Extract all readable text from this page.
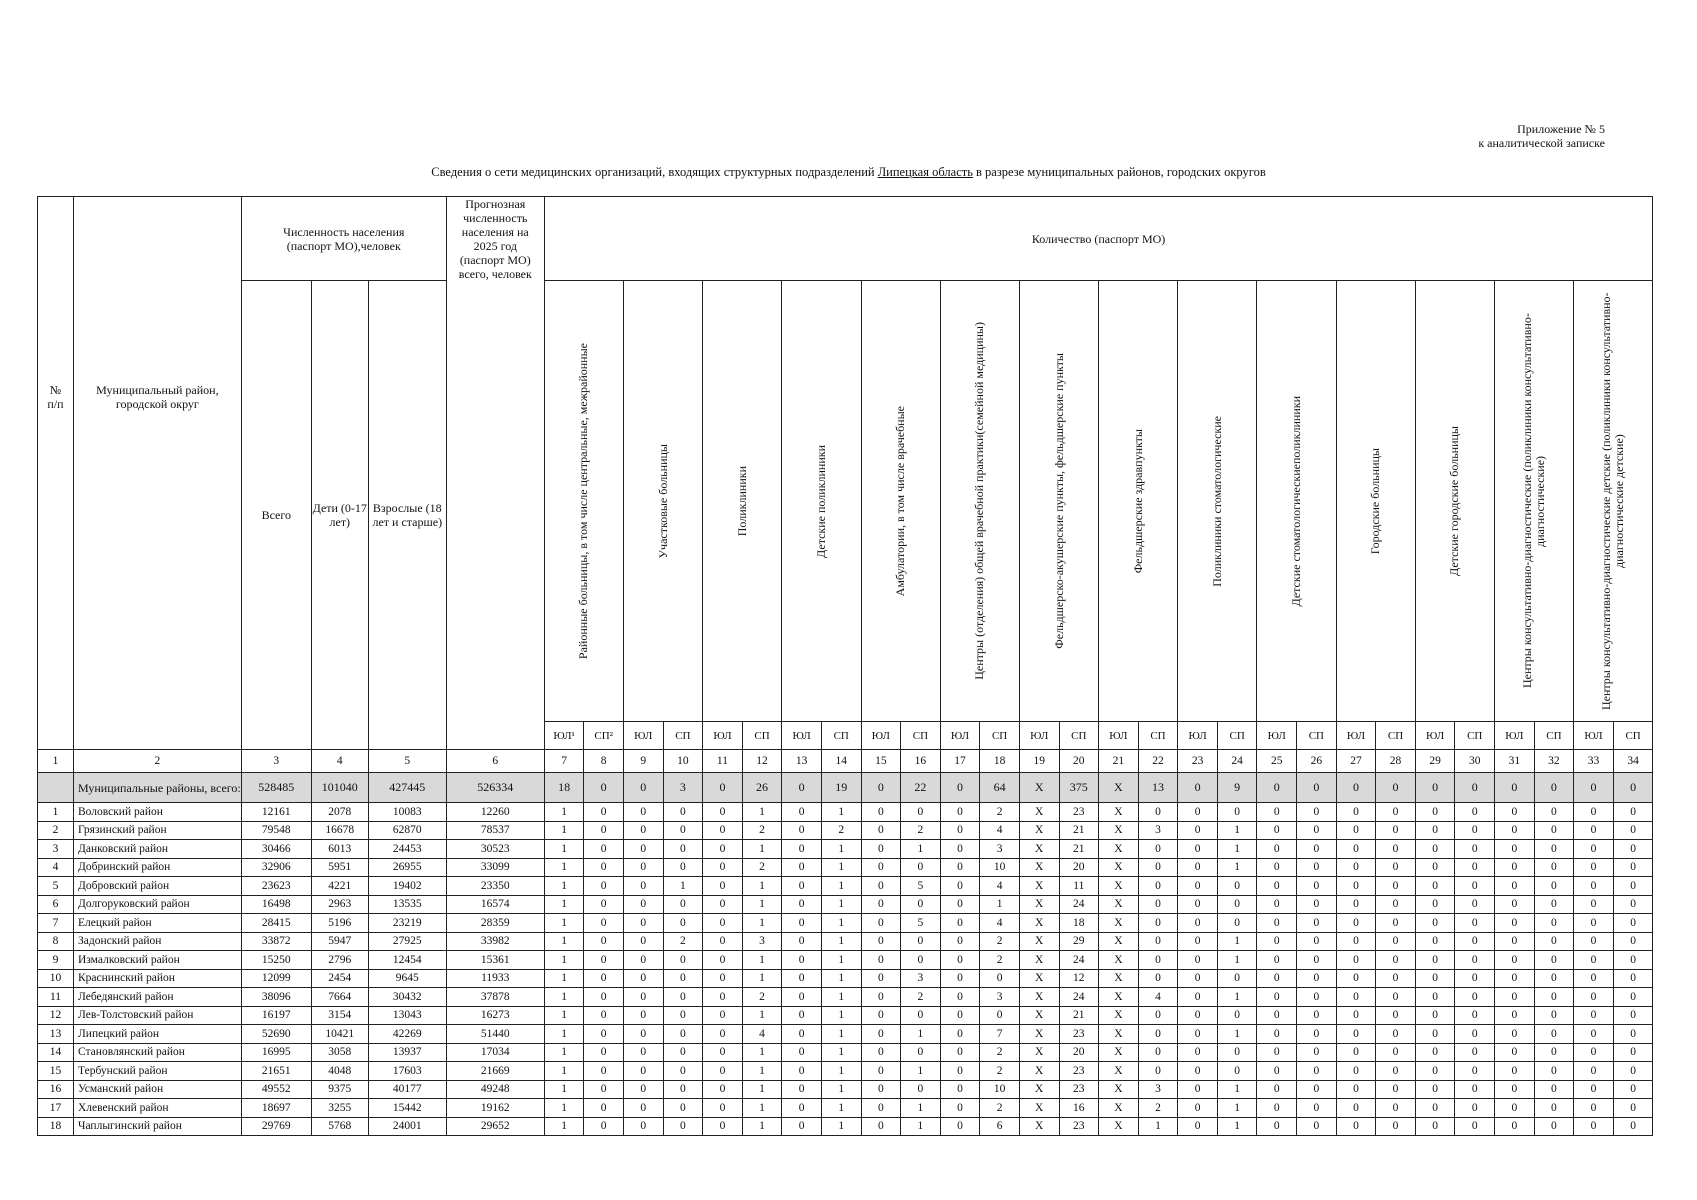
Приложение № 5
к аналитической записке
Сведения о сети медицинских организаций, входящих структурных подразделений Липецкая область в разрезе муниципальных районов, городских округов
№ п/п	Муниципальный район, городской округ	Численность населения (паспорт МО),человек			Прогнозная численность населения на 2025 год (паспорт МО) всего, человек	Количество (паспорт МО)																											
		Всего	Дети (0-17 лет)	Взрослые (18 лет и старше)		Районные больницы, в том числе центральные, межрайонные		Участковые больницы		Поликлиники		Детские поликлиники		Амбулатории, в том числе врачебные		Центры (отделения) общей врачебной практики(семейной медицины)		Фельдшерско-акушерские пункты, фельдшерские пункты		Фельдшерские здравпункты		Поликлиники стоматологические		Детские стоматологическиеполиклиники		Городские больницы		Детские городские больницы		Центры консультативно-диагностические (поликлиники консультативно-диагностические)		Центры консультативно-диагностические детские (поликлиники консультативно-диагностические детские)	

						ЮЛ¹	СП²	ЮЛ	СП	ЮЛ	СП	ЮЛ	СП	ЮЛ	СП	ЮЛ	СП	ЮЛ	СП	ЮЛ	СП	ЮЛ	СП	ЮЛ	СП	ЮЛ	СП	ЮЛ	СП	ЮЛ	СП	ЮЛ	СП
1	2	3	4	5	6	7	8	9	10	11	12	13	14	15	16	17	18	19	20	21	22	23	24	25	26	27	28	29	30	31	32	33	34
	Муниципальные районы, всего:	528485	101040	427445	526334	18	0	0	3	0	26	0	19	0	22	0	64	X	375	X	13	0	9	0	0	0	0	0	0	0	0	0	0
1	Воловский район	12161	2078	10083	12260	1	0	0	0	0	1	0	1	0	0	0	2	X	23	X	0	0	0	0	0	0	0	0	0	0	0	0	0
2	Грязинский район	79548	16678	62870	78537	1	0	0	0	0	2	0	2	0	2	0	4	X	21	X	3	0	1	0	0	0	0	0	0	0	0	0	0
3	Данковский район	30466	6013	24453	30523	1	0	0	0	0	1	0	1	0	1	0	3	X	21	X	0	0	1	0	0	0	0	0	0	0	0	0	0
4	Добринский район	32906	5951	26955	33099	1	0	0	0	0	2	0	1	0	0	0	10	X	20	X	0	0	1	0	0	0	0	0	0	0	0	0	0
5	Добровский район	23623	4221	19402	23350	1	0	0	1	0	1	0	1	0	5	0	4	X	11	X	0	0	0	0	0	0	0	0	0	0	0	0	0
6	Долгоруковский район	16498	2963	13535	16574	1	0	0	0	0	1	0	1	0	0	0	1	X	24	X	0	0	0	0	0	0	0	0	0	0	0	0	0
7	Елецкий район	28415	5196	23219	28359	1	0	0	0	0	1	0	1	0	5	0	4	X	18	X	0	0	0	0	0	0	0	0	0	0	0	0	0
8	Задонский район	33872	5947	27925	33982	1	0	0	2	0	3	0	1	0	0	0	2	X	29	X	0	0	1	0	0	0	0	0	0	0	0	0	0
9	Измалковский район	15250	2796	12454	15361	1	0	0	0	0	1	0	1	0	0	0	2	X	24	X	0	0	1	0	0	0	0	0	0	0	0	0	0
10	Краснинский район	12099	2454	9645	11933	1	0	0	0	0	1	0	1	0	3	0	0	X	12	X	0	0	0	0	0	0	0	0	0	0	0	0	0
11	Лебедянский район	38096	7664	30432	37878	1	0	0	0	0	2	0	1	0	2	0	3	X	24	X	4	0	1	0	0	0	0	0	0	0	0	0	0
12	Лев-Толстовский район	16197	3154	13043	16273	1	0	0	0	0	1	0	1	0	0	0	0	X	21	X	0	0	0	0	0	0	0	0	0	0	0	0	0
13	Липецкий район	52690	10421	42269	51440	1	0	0	0	0	4	0	1	0	1	0	7	X	23	X	0	0	1	0	0	0	0	0	0	0	0	0	0
14	Становлянский район	16995	3058	13937	17034	1	0	0	0	0	1	0	1	0	0	0	2	X	20	X	0	0	0	0	0	0	0	0	0	0	0	0	0
15	Тербунский район	21651	4048	17603	21669	1	0	0	0	0	1	0	1	0	1	0	2	X	23	X	0	0	0	0	0	0	0	0	0	0	0	0	0
16	Усманский район	49552	9375	40177	49248	1	0	0	0	0	1	0	1	0	0	0	10	X	23	X	3	0	1	0	0	0	0	0	0	0	0	0	0
17	Хлевенский район	18697	3255	15442	19162	1	0	0	0	0	1	0	1	0	1	0	2	X	16	X	2	0	1	0	0	0	0	0	0	0	0	0	0
18	Чаплыгинский район	29769	5768	24001	29652	1	0	0	0	0	1	0	1	0	1	0	6	X	23	X	1	0	1	0	0	0	0	0	0	0	0	0	0
